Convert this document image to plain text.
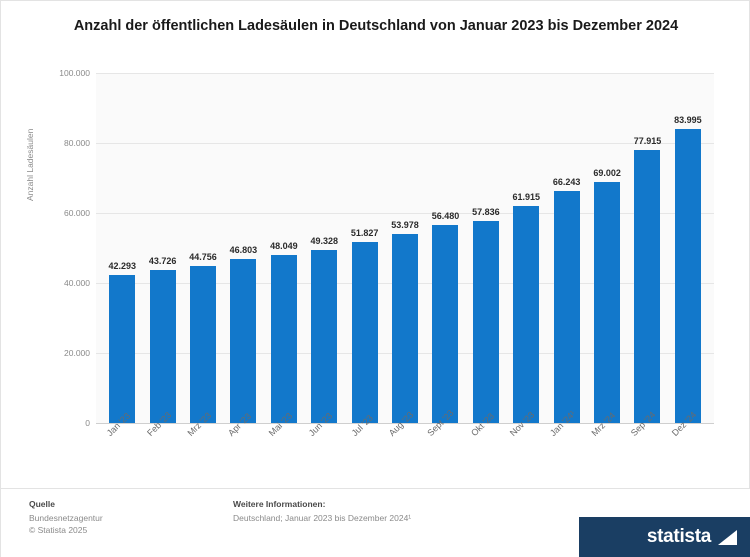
Anzahl der öffentlichen Ladesäulen in Deutschland von Januar 2023 bis Dezember 2024
Anzahl Ladesäulen
42.293
43.726 44.756
46.803 48.049 49.328
51.827
53.978
56.480 57.836
61.915
66.243
69.002
77.915
83.995
0
20.000
40.000
60.000
80.000
100.000
Jan '23 Feb '23 Mrz '23 Apr '23 Mai '23 Jun '23 Jul '23 Aug '23 Sept '23 Okt '23 Nov '23 Jan '24¹ Mrz '24 Sep '24 Dez '24
Quelle
Bundesnetzagentur
© Statista 2025
Weitere Informationen:
Deutschland; Januar 2023 bis Dezember 2024¹
statista
